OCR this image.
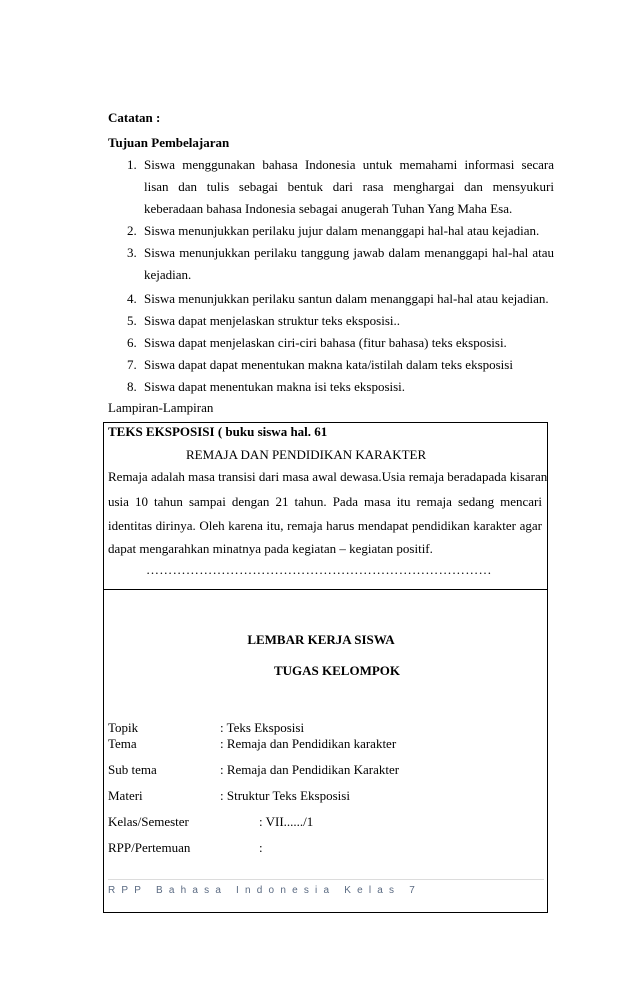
Catatan :
Tujuan Pembelajaran
1. Siswa menggunakan bahasa Indonesia untuk memahami informasi secara
lisan dan tulis sebagai bentuk dari rasa menghargai dan mensyukuri
keberadaan bahasa Indonesia sebagai anugerah Tuhan Yang Maha Esa.
2. Siswa menunjukkan perilaku jujur dalam menanggapi hal-hal atau kejadian.
3. Siswa menunjukkan perilaku tanggung jawab dalam menanggapi hal-hal atau
kejadian.
4. Siswa menunjukkan perilaku santun dalam menanggapi hal-hal atau kejadian.
5. Siswa dapat menjelaskan struktur teks eksposisi..
6. Siswa dapat menjelaskan ciri-ciri bahasa (fitur bahasa) teks eksposisi.
7. Siswa dapat dapat menentukan makna kata/istilah dalam teks eksposisi
8. Siswa dapat menentukan makna isi teks eksposisi.
Lampiran-Lampiran
TEKS EKSPOSISI ( buku siswa hal. 61
REMAJA DAN PENDIDIKAN KARAKTER
Remaja adalah masa transisi dari masa awal dewasa.Usia remaja beradapada kisaran
usia 10 tahun sampai dengan 21 tahun. Pada masa itu remaja sedang mencari
identitas dirinya. Oleh karena itu, remaja harus mendapat pendidikan karakter agar
dapat mengarahkan minatnya pada kegiatan – kegiatan positif.
……………………………………………………………………
LEMBAR KERJA SISWA
TUGAS KELOMPOK
Topik	: Teks Eksposisi
Tema	: Remaja dan Pendidikan karakter
Sub tema	: Remaja dan Pendidikan Karakter
Materi	: Struktur Teks Eksposisi
Kelas/Semester	: VII....../1
RPP/Pertemuan	:
RPP Bahasa Indonesia Kelas 7
